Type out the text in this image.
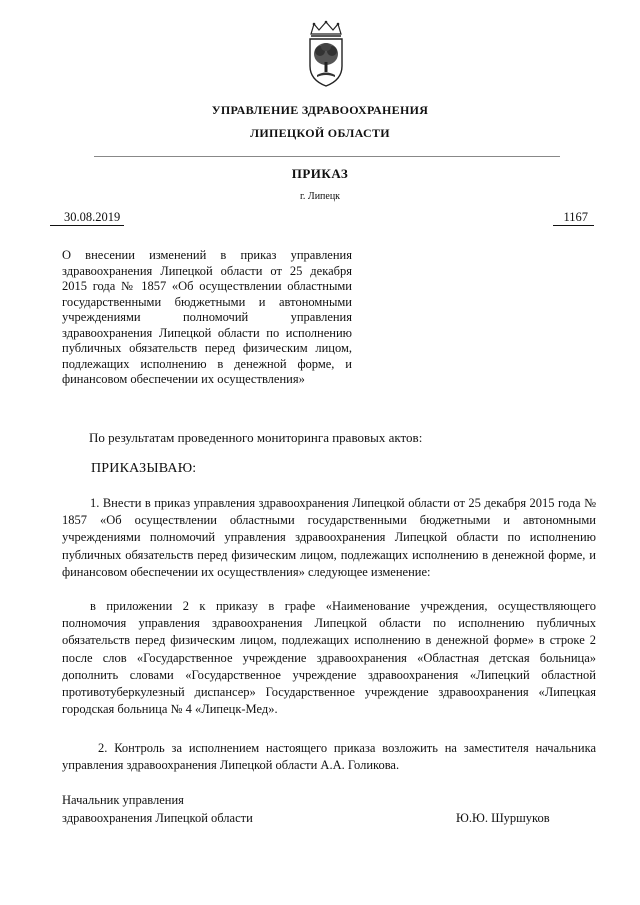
УПРАВЛЕНИЕ ЗДРАВООХРАНЕНИЯ
ЛИПЕЦКОЙ ОБЛАСТИ
ПРИКАЗ
г. Липецк
30.08.2019	1167

О внесении изменений в приказ управления здравоохранения Липецкой области от 25 декабря 2015 года № 1857 «Об осуществлении областными государственными бюджетными и автономными учреждениями полномочий управления здравоохранения Липецкой области по исполнению публичных обязательств перед физическим лицом, подлежащих исполнению в денежной форме, и финансовом обеспечении их осуществления»

По результатам проведенного мониторинга правовых актов:

ПРИКАЗЫВАЮ:

1. Внести в приказ управления здравоохранения Липецкой области от 25 декабря 2015 года № 1857 «Об осуществлении областными государственными бюджетными и автономными учреждениями полномочий управления здравоохранения Липецкой области по исполнению публичных обязательств перед физическим лицом, подлежащих исполнению в денежной форме, и финансовом обеспечении их осуществления» следующее изменение:

в приложении 2 к приказу в графе «Наименование учреждения, осуществляющего полномочия управления здравоохранения Липецкой области по исполнению публичных обязательств перед физическим лицом, подлежащих исполнению в денежной форме» в строке 2 после слов «Государственное учреждение здравоохранения «Областная детская больница» дополнить словами «Государственное учреждение здравоохранения «Липецкий областной противотуберкулезный диспансер» Государственное учреждение здравоохранения «Липецкая городская больница № 4 «Липецк-Мед».

2. Контроль за исполнением настоящего приказа возложить на заместителя начальника управления здравоохранения Липецкой области А.А. Голикова.

Начальник управления
здравоохранения Липецкой области	Ю.Ю. Шуршуков
